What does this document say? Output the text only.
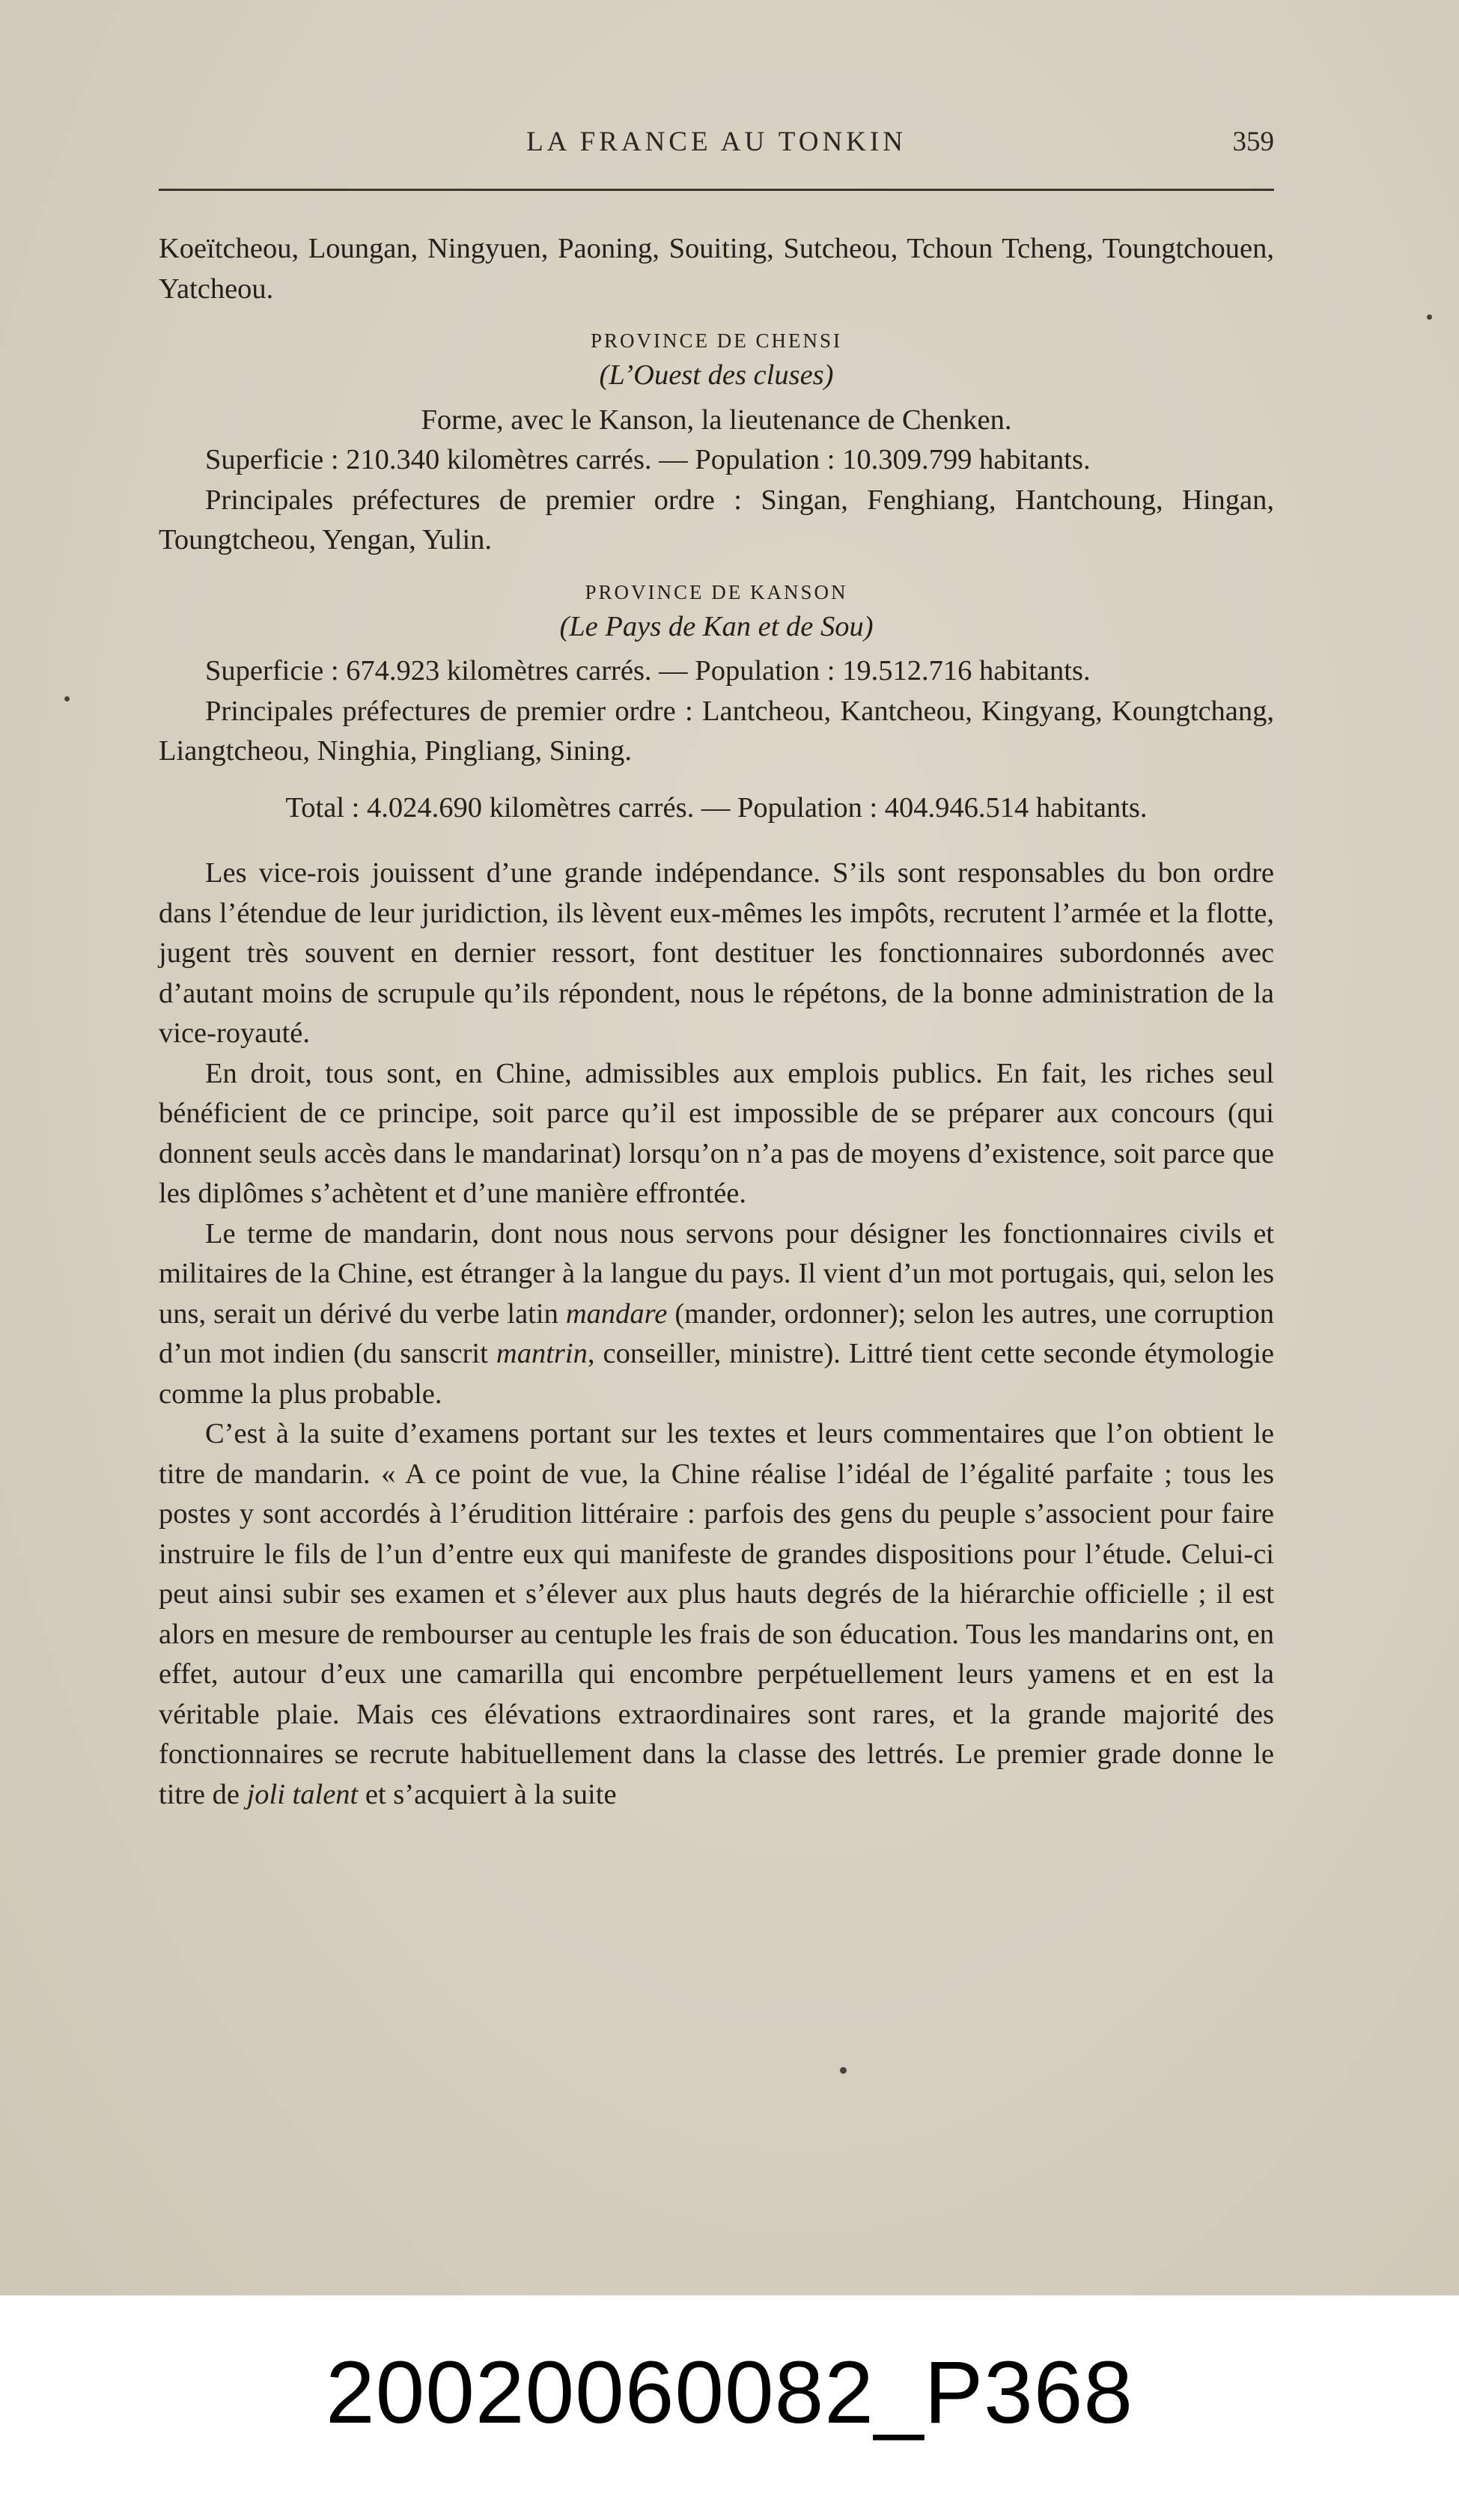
LA FRANCE AU TONKIN	359

Koeïtcheou, Loungan, Ningyuen, Paoning, Souiting, Sutcheou, Tchoun Tcheng, Toungtchouen, Yatcheou.

PROVINCE DE CHENSI

(L’Ouest des cluses)

Forme, avec le Kanson, la lieutenance de Chenken.

Superficie : 210.340 kilomètres carrés. — Population : 10.309.799 habitants.

Principales préfectures de premier ordre : Singan, Fenghiang, Hantchoung, Hingan, Toungtcheou, Yengan, Yulin.

PROVINCE DE KANSON

(Le Pays de Kan et de Sou)

Superficie : 674.923 kilomètres carrés. — Population : 19.512.716 habitants.

Principales préfectures de premier ordre : Lantcheou, Kantcheou, Kingyang, Koungtchang, Liangtcheou, Ninghia, Pingliang, Sining.

Total : 4.024.690 kilomètres carrés. — Population : 404.946.514 habitants.

Les vice-rois jouissent d’une grande indépendance. S’ils sont responsables du bon ordre dans l’étendue de leur juridiction, ils lèvent eux-mêmes les impôts, recrutent l’armée et la flotte, jugent très souvent en dernier ressort, font destituer les fonctionnaires subordonnés avec d’autant moins de scrupule qu’ils répondent, nous le répétons, de la bonne administration de la vice-royauté.

En droit, tous sont, en Chine, admissibles aux emplois publics. En fait, les riches seul bénéficient de ce principe, soit parce qu’il est impossible de se préparer aux concours (qui donnent seuls accès dans le mandarinat) lorsqu’on n’a pas de moyens d’existence, soit parce que les diplômes s’achètent et d’une manière effrontée.

Le terme de mandarin, dont nous nous servons pour désigner les fonctionnaires civils et militaires de la Chine, est étranger à la langue du pays. Il vient d’un mot portugais, qui, selon les uns, serait un dérivé du verbe latin mandare (mander, ordonner); selon les autres, une corruption d’un mot indien (du sanscrit mantrin, conseiller, ministre). Littré tient cette seconde étymologie comme la plus probable.

C’est à la suite d’examens portant sur les textes et leurs commentaires que l’on obtient le titre de mandarin. « A ce point de vue, la Chine réalise l’idéal de l’égalité parfaite ; tous les postes y sont accordés à l’érudition littéraire : parfois des gens du peuple s’associent pour faire instruire le fils de l’un d’entre eux qui manifeste de grandes dispositions pour l’étude. Celui-ci peut ainsi subir ses examen et s’élever aux plus hauts degrés de la hiérarchie officielle ; il est alors en mesure de rembourser au centuple les frais de son éducation. Tous les mandarins ont, en effet, autour d’eux une camarilla qui encombre perpétuellement leurs yamens et en est la véritable plaie. Mais ces élévations extraordinaires sont rares, et la grande majorité des fonctionnaires se recrute habituellement dans la classe des lettrés. Le premier grade donne le titre de joli talent et s’acquiert à la suite

20020060082_P368
